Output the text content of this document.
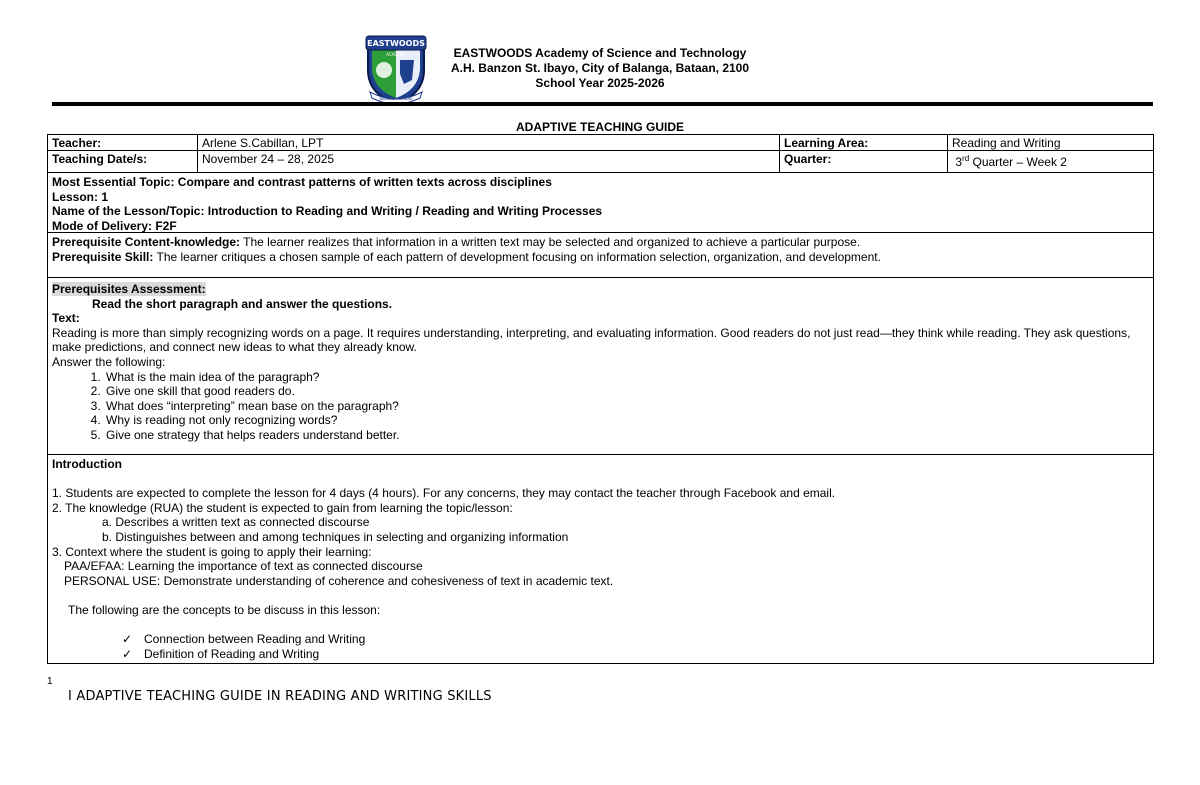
EASTWOODS
ACADEMY
BALANGA, BATAAN
EASTWOODS Academy of Science and Technology
A.H. Banzon St. Ibayo, City of Balanga, Bataan, 2100
School Year 2025-2026
ADAPTIVE TEACHING GUIDE
Teacher:	Arlene S.Cabillan, LPT	Learning Area:	Reading and Writing
Teaching Date/s:	November 24 – 28, 2025	Quarter:	3rd Quarter – Week 2
Most Essential Topic: Compare and contrast patterns of written texts across disciplines
Lesson: 1
Name of the Lesson/Topic: Introduction to Reading and Writing / Reading and Writing Processes
Mode of Delivery: F2F
Prerequisite Content-knowledge: The learner realizes that information in a written text may be selected and organized to achieve a particular purpose.
Prerequisite Skill: The learner critiques a chosen sample of each pattern of development focusing on information selection, organization, and development.
Prerequisites Assessment:
Read the short paragraph and answer the questions.
Text:
Reading is more than simply recognizing words on a page. It requires understanding, interpreting, and evaluating information. Good readers do not just read—they think while reading. They ask questions, make predictions, and connect new ideas to what they already know.
Answer the following:
1. What is the main idea of the paragraph?
2. Give one skill that good readers do.
3. What does “interpreting” mean base on the paragraph?
4. Why is reading not only recognizing words?
5. Give one strategy that helps readers understand better.
Introduction
1. Students are expected to complete the lesson for 4 days (4 hours). For any concerns, they may contact the teacher through Facebook and email.
2. The knowledge (RUA) the student is expected to gain from learning the topic/lesson:
a. Describes a written text as connected discourse
b. Distinguishes between and among techniques in selecting and organizing information
3. Context where the student is going to apply their learning:
PAA/EFAA: Learning the importance of text as connected discourse
PERSONAL USE: Demonstrate understanding of coherence and cohesiveness of text in academic text.
The following are the concepts to be discuss in this lesson:
✓ Connection between Reading and Writing
✓ Definition of Reading and Writing
1
I ADAPTIVE TEACHING GUIDE IN READING AND WRITING SKILLS
